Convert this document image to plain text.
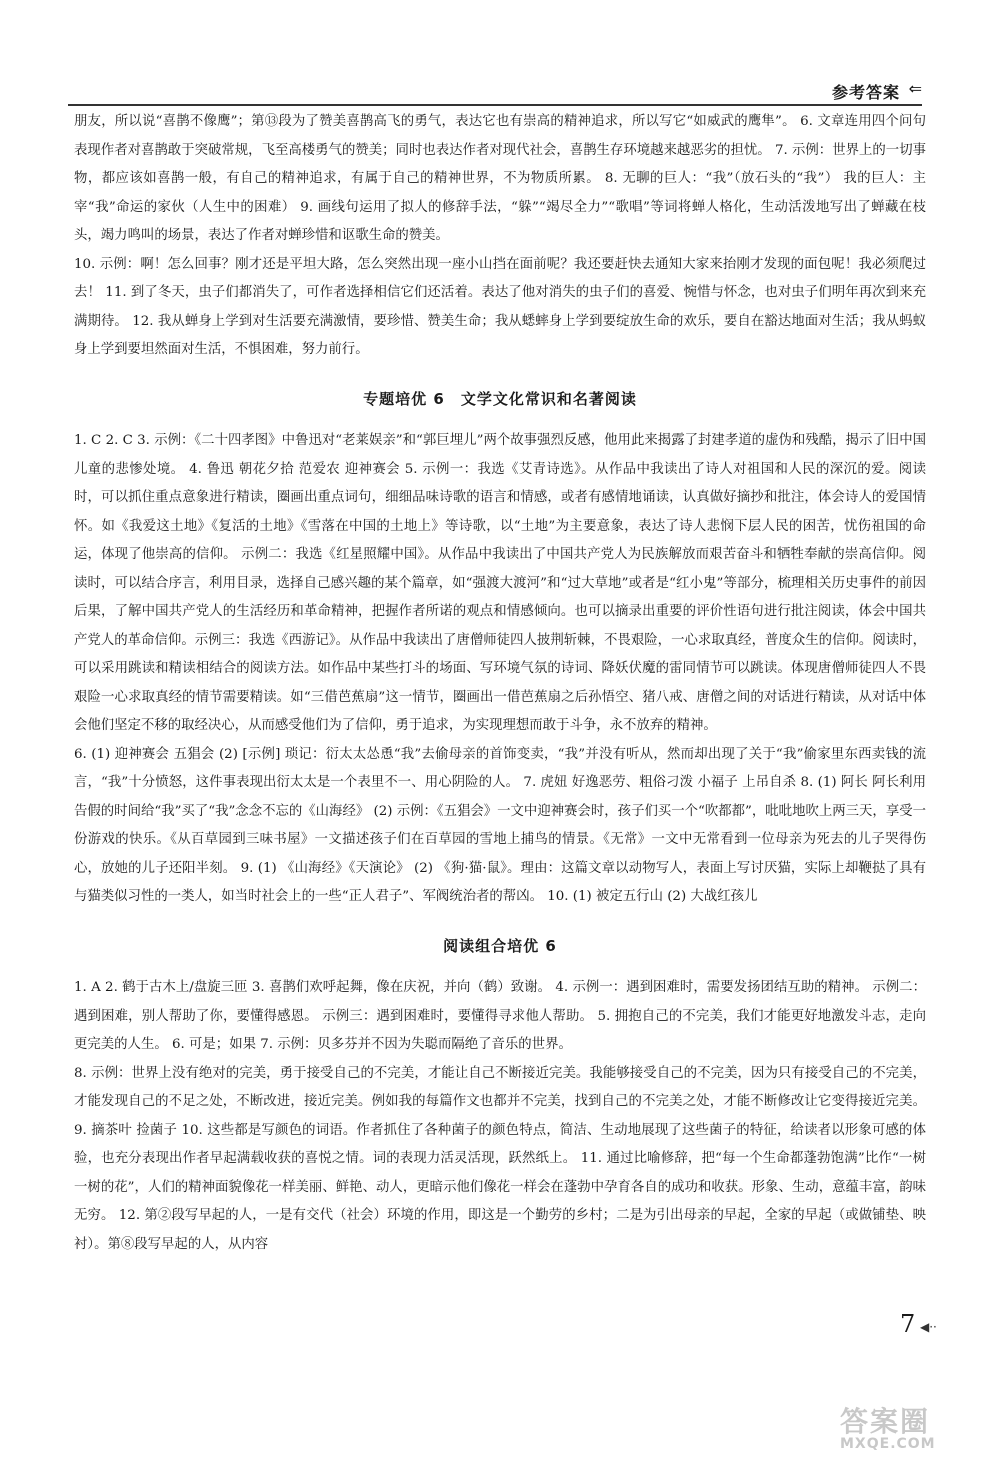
参考答案 ⇐

朋友，所以说“喜鹊不像鹰”；第⑬段为了赞美喜鹊高飞的勇气，表达它也有崇高的精神追求，所以写它“如威武的鹰隼”。 6. 文章连用四个问句表现作者对喜鹊敢于突破常规，飞至高楼勇气的赞美；同时也表达作者对现代社会，喜鹊生存环境越来越恶劣的担忧。 7. 示例：世界上的一切事物，都应该如喜鹊一般，有自己的精神追求，有属于自己的精神世界，不为物质所累。 8. 无聊的巨人：“我”（放石头的“我”） 我的巨人：主宰“我”命运的家伙（人生中的困难） 9. 画线句运用了拟人的修辞手法，“躲”“竭尽全力”“歌唱”等词将蝉人格化，生动活泼地写出了蝉藏在枝头，竭力鸣叫的场景，表达了作者对蝉珍惜和讴歌生命的赞美。

10. 示例：啊！怎么回事？刚才还是平坦大路，怎么突然出现一座小山挡在面前呢？我还要赶快去通知大家来抬刚才发现的面包呢！我必须爬过去！ 11. 到了冬天，虫子们都消失了，可作者选择相信它们还活着。表达了他对消失的虫子们的喜爱、惋惜与怀念，也对虫子们明年再次到来充满期待。 12. 我从蝉身上学到对生活要充满激情，要珍惜、赞美生命；我从蟋蟀身上学到要绽放生命的欢乐，要自在豁达地面对生活；我从蚂蚁身上学到要坦然面对生活，不惧困难，努力前行。

专题培优 6　文学文化常识和名著阅读

1. C 2. C 3. 示例：《二十四孝图》中鲁迅对“老莱娱亲”和“郭巨埋儿”两个故事强烈反感，他用此来揭露了封建孝道的虚伪和残酷，揭示了旧中国儿童的悲惨处境。 4. 鲁迅 朝花夕拾 范爱农 迎神赛会 5. 示例一：我选《艾青诗选》。从作品中我读出了诗人对祖国和人民的深沉的爱。阅读时，可以抓住重点意象进行精读，圈画出重点词句，细细品味诗歌的语言和情感，或者有感情地诵读，认真做好摘抄和批注，体会诗人的爱国情怀。如《我爱这土地》《复活的土地》《雪落在中国的土地上》等诗歌，以“土地”为主要意象，表达了诗人悲悯下层人民的困苦，忧伤祖国的命运，体现了他崇高的信仰。 示例二：我选《红星照耀中国》。从作品中我读出了中国共产党人为民族解放而艰苦奋斗和牺牲奉献的崇高信仰。阅读时，可以结合序言，利用目录，选择自己感兴趣的某个篇章，如“强渡大渡河”和“过大草地”或者是“红小鬼”等部分，梳理相关历史事件的前因后果，了解中国共产党人的生活经历和革命精神，把握作者所诺的观点和情感倾向。也可以摘录出重要的评价性语句进行批注阅读，体会中国共产党人的革命信仰。示例三：我选《西游记》。从作品中我读出了唐僧师徒四人披荆斩棘，不畏艰险，一心求取真经，普度众生的信仰。阅读时，可以采用跳读和精读相结合的阅读方法。如作品中某些打斗的场面、写环境气氛的诗词、降妖伏魔的雷同情节可以跳读。体现唐僧师徒四人不畏艰险一心求取真经的情节需要精读。如“三借芭蕉扇”这一情节，圈画出一借芭蕉扇之后孙悟空、猪八戒、唐僧之间的对话进行精读，从对话中体会他们坚定不移的取经决心，从而感受他们为了信仰，勇于追求，为实现理想而敢于斗争，永不放弃的精神。

6. (1) 迎神赛会 五猖会 (2) [示例] 琐记：衍太太怂恿“我”去偷母亲的首饰变卖，“我”并没有听从，然而却出现了关于“我”偷家里东西卖钱的流言，“我”十分愤怒，这件事表现出衍太太是一个表里不一、用心阴险的人。 7. 虎妞 好逸恶劳、粗俗刁泼 小福子 上吊自杀 8. (1) 阿长 阿长利用告假的时间给“我”买了“我”念念不忘的《山海经》 (2) 示例：《五猖会》一文中迎神赛会时，孩子们买一个“吹都都”，吡吡地吹上两三天，享受一份游戏的快乐。《从百草园到三味书屋》一文描述孩子们在百草园的雪地上捕鸟的情景。《无常》一文中无常看到一位母亲为死去的儿子哭得伤心，放她的儿子还阳半刻。 9. (1) 《山海经》《天演论》 (2) 《狗·猫·鼠》。理由：这篇文章以动物写人，表面上写讨厌猫，实际上却鞭挞了具有与猫类似习性的一类人，如当时社会上的一些“正人君子”、军阀统治者的帮凶。 10. (1) 被定五行山 (2) 大战红孩儿

阅读组合培优 6

1. A 2. 鹤于古木上/盘旋三匝 3. 喜鹊们欢呼起舞，像在庆祝，并向（鹤）致谢。 4. 示例一：遇到困难时，需要发扬团结互助的精神。 示例二：遇到困难，别人帮助了你，要懂得感恩。 示例三：遇到困难时，要懂得寻求他人帮助。 5. 拥抱自己的不完美，我们才能更好地激发斗志，走向更完美的人生。 6. 可是；如果 7. 示例：贝多芬并不因为失聪而隔绝了音乐的世界。

8. 示例：世界上没有绝对的完美，勇于接受自己的不完美，才能让自己不断接近完美。我能够接受自己的不完美，因为只有接受自己的不完美，才能发现自己的不足之处，不断改进，接近完美。例如我的每篇作文也都并不完美，找到自己的不完美之处，才能不断修改让它变得接近完美。 9. 摘茶叶 捡菌子 10. 这些都是写颜色的词语。作者抓住了各种菌子的颜色特点，简洁、生动地展现了这些菌子的特征，给读者以形象可感的体验，也充分表现出作者早起满载收获的喜悦之情。词的表现力活灵活现，跃然纸上。 11. 通过比喻修辞，把“每一个生命都蓬勃饱满”比作“一树一树的花”，人们的精神面貌像花一样美丽、鲜艳、动人，更暗示他们像花一样会在蓬勃中孕育各自的成功和收获。形象、生动，意蕴丰富，韵味无穷。 12. 第②段写早起的人，一是有交代（社会）环境的作用，即这是一个勤劳的乡村；二是为引出母亲的早起，全家的早起（或做铺垫、映衬）。第⑧段写早起的人，从内容

7 ◀··
答案圈
MXQE.COM
